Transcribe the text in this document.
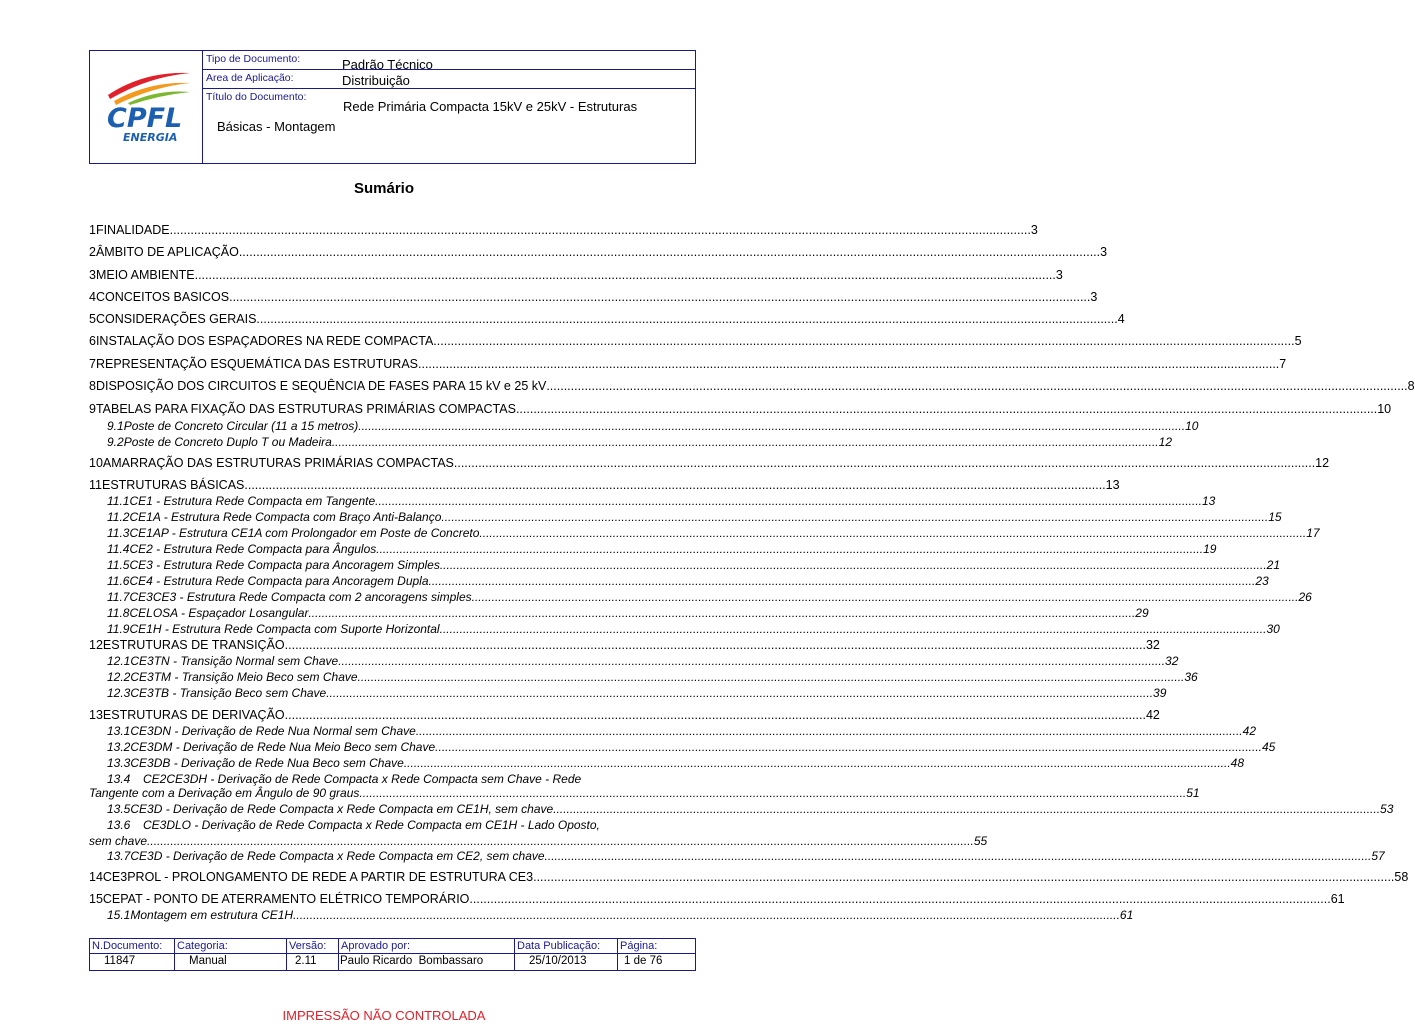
CPFL
ENERGIA
Tipo de Documento:	Padrão Técnico
Area de Aplicação:	Distribuição
Título do Documento:
Rede Primária Compacta 15kV e 25kV - Estruturas
Básicas - Montagem
Sumário
1 FINALIDADE .....	3
2 ÂMBITO DE APLICAÇÃO .....	3
3 MEIO AMBIENTE .....	3
4 CONCEITOS BASICOS .....	3
5 CONSIDERAÇÕES GERAIS .....	4
6 INSTALAÇÃO DOS ESPAÇADORES NA REDE COMPACTA .....	5
7 REPRESENTAÇÃO ESQUEMÁTICA DAS ESTRUTURAS .....	7
8 DISPOSIÇÃO DOS CIRCUITOS E SEQUÊNCIA DE FASES PARA 15 kV e 25 kV .....	8
9 TABELAS PARA FIXAÇÃO DAS ESTRUTURAS PRIMÁRIAS COMPACTAS .....	10
9.1 Poste de Concreto Circular (11 a 15 metros) .....	10
9.2 Poste de Concreto Duplo T ou Madeira .....	12
10 AMARRAÇÃO DAS ESTRUTURAS PRIMÁRIAS COMPACTAS .....	12
11 ESTRUTURAS BÁSICAS .....	13
11.1 CE1 - Estrutura Rede Compacta em Tangente .....	13
11.2 CE1A - Estrutura Rede Compacta com Braço Anti-Balanço .....	15
11.3 CE1AP - Estrutura CE1A com Prolongador em Poste de Concreto .....	17
11.4 CE2 - Estrutura Rede Compacta para Ângulos .....	19
11.5 CE3 - Estrutura Rede Compacta para Ancoragem Simples .....	21
11.6 CE4 - Estrutura Rede Compacta para Ancoragem Dupla .....	23
11.7 CE3CE3 - Estrutura Rede Compacta com 2 ancoragens simples .....	26
11.8 CELOSA - Espaçador Losangular .....	29
11.9 CE1H - Estrutura Rede Compacta com Suporte Horizontal .....	30
12 ESTRUTURAS DE TRANSIÇÃO .....	32
12.1 CE3TN - Transição Normal sem Chave .....	32
12.2 CE3TM - Transição Meio Beco sem Chave .....	36
12.3 CE3TB - Transição Beco sem Chave .....	39
13 ESTRUTURAS DE DERIVAÇÃO .....	42
13.1 CE3DN - Derivação de Rede Nua Normal sem Chave .....	42
13.2 CE3DM - Derivação de Rede Nua Meio Beco sem Chave .....	45
13.3 CE3DB - Derivação de Rede Nua Beco sem Chave .....	48
13.4	CE2CE3DH - Derivação de Rede Compacta x Rede Compacta sem Chave - Rede
Tangente com a Derivação em Ângulo de 90 graus .....	51
13.5 CE3D - Derivação de Rede Compacta x Rede Compacta em CE1H, sem chave .....	53
13.6	CE3DLO - Derivação de Rede Compacta x Rede Compacta em CE1H - Lado Oposto,
sem chave .....	55
13.7 CE3D - Derivação de Rede Compacta x Rede Compacta em CE2, sem chave .....	57
14 CE3PROL - PROLONGAMENTO DE REDE A PARTIR DE ESTRUTURA CE3 .....	58
15 CEPAT - PONTO DE ATERRAMENTO ELÉTRICO TEMPORÁRIO .....	61
15.1 Montagem em estrutura CE1H .....	61
N.Documento:
11847
Categoria:
Manual
Versão:
2.11
Aprovado por:
Paulo Ricardo  Bombassaro
Data Publicação:
25/10/2013
Página:
1 de 76
IMPRESSÃO NÃO CONTROLADA
